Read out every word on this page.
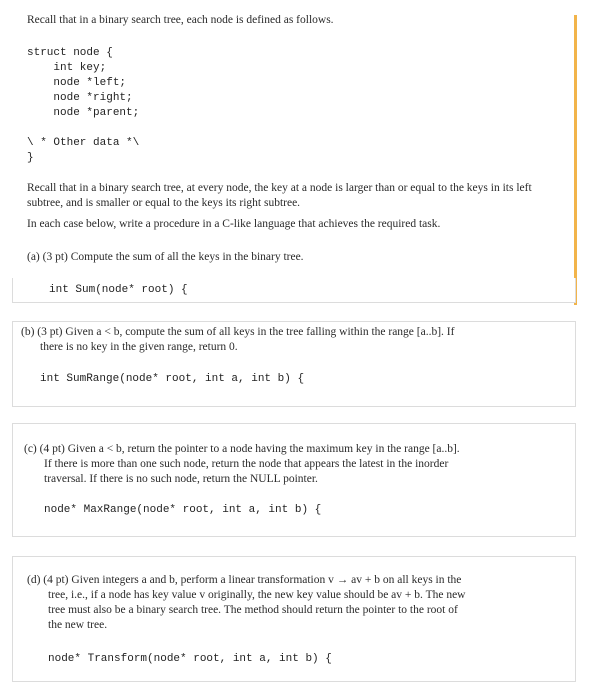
Recall that in a binary search tree, each node is defined as follows.
struct node {
int key;
node *left;
node *right;
node *parent;
\ * Other data *\
}
Recall that in a binary search tree, at every node, the key at a node is larger than or equal to the keys in its left subtree, and is smaller or equal to the keys its right subtree.
In each case below, write a procedure in a C-like language that achieves the required task.
(a) (3 pt) Compute the sum of all the keys in the binary tree.
int Sum(node* root) {
(b) (3 pt) Given a < b, compute the sum of all keys in the tree falling within the range [a..b]. If
there is no key in the given range, return 0.
int SumRange(node* root, int a, int b) {
(c) (4 pt) Given a < b, return the pointer to a node having the maximum key in the range [a..b].
If there is more than one such node, return the node that appears the latest in the inorder
traversal. If there is no such node, return the NULL pointer.
node* MaxRange(node* root, int a, int b) {
(d) (4 pt) Given integers a and b, perform a linear transformation v → av + b on all keys in the
tree, i.e., if a node has key value v originally, the new key value should be av + b. The new
tree must also be a binary search tree. The method should return the pointer to the root of
the new tree.
node* Transform(node* root, int a, int b) {
